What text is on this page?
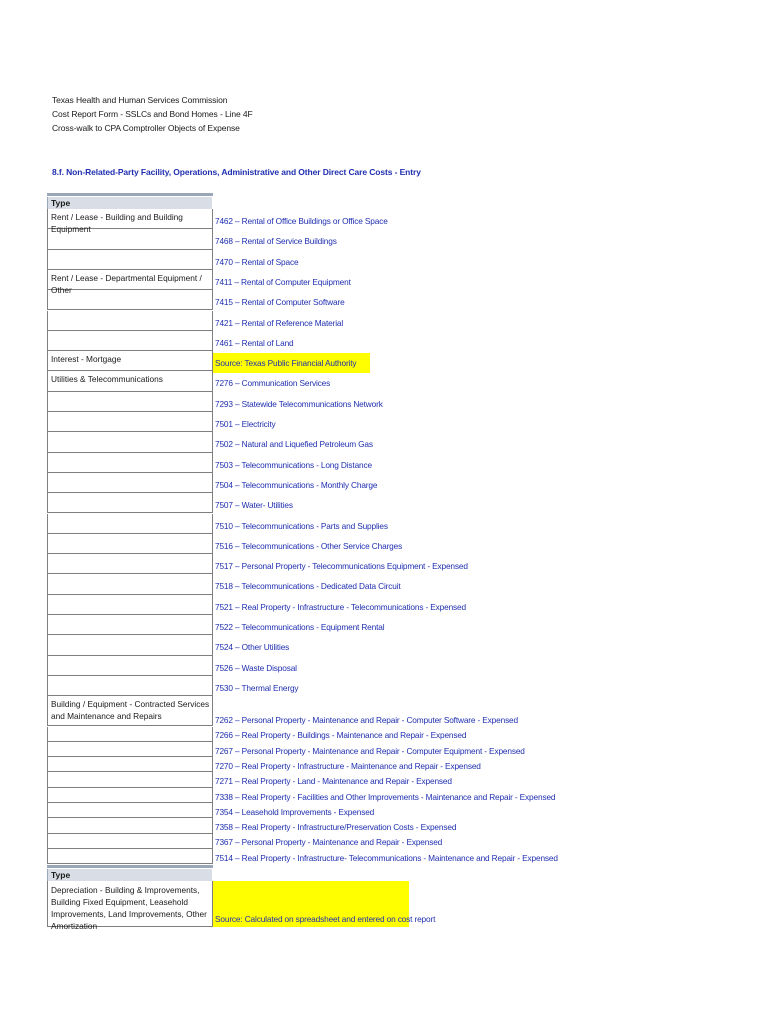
Texas Health and Human Services Commission
Cost Report Form - SSLCs and Bond Homes - Line 4F
Cross-walk to CPA Comptroller Objects of Expense
8.f. Non-Related-Party Facility, Operations, Administrative and Other Direct Care Costs - Entry
Type
Rent / Lease - Building and Building Equipment
Rent / Lease - Departmental Equipment / Other
Interest - Mortgage
Utilities & Telecommunications
Building / Equipment - Contracted Services and Maintenance and Repairs
7462 – Rental of Office Buildings or Office Space
7468 – Rental of Service Buildings
7470 – Rental of Space
7411 – Rental of Computer Equipment
7415 – Rental of Computer Software
7421 – Rental of Reference Material
7461 – Rental of Land
Source: Texas Public Financial Authority
7276 – Communication Services
7293 – Statewide Telecommunications Network
7501 – Electricity
7502 – Natural and Liquefied Petroleum Gas
7503 – Telecommunications - Long Distance
7504 – Telecommunications - Monthly Charge
7507 – Water- Utilities
7510 – Telecommunications - Parts and Supplies
7516 – Telecommunications - Other Service Charges
7517 – Personal Property - Telecommunications Equipment - Expensed
7518 – Telecommunications - Dedicated Data Circuit
7521 – Real Property - Infrastructure - Telecommunications - Expensed
7522 – Telecommunications - Equipment Rental
7524 – Other Utilities
7526 – Waste Disposal
7530 – Thermal Energy
7262 – Personal Property - Maintenance and Repair - Computer Software - Expensed
7266 – Real Property - Buildings - Maintenance and Repair - Expensed
7267 – Personal Property - Maintenance and Repair - Computer Equipment - Expensed
7270 – Real Property - Infrastructure - Maintenance and Repair - Expensed
7271 – Real Property - Land - Maintenance and Repair - Expensed
7338 – Real Property - Facilities and Other Improvements - Maintenance and Repair - Expensed
7354 – Leasehold Improvements - Expensed
7358 – Real Property - Infrastructure/Preservation Costs - Expensed
7367 – Personal Property - Maintenance and Repair - Expensed
7514 – Real Property - Infrastructure- Telecommunications - Maintenance and Repair - Expensed
Type
Depreciation - Building & Improvements, Building Fixed Equipment, Leasehold Improvements, Land Improvements, Other Amortization
Source: Calculated on spreadsheet and entered on cost report
